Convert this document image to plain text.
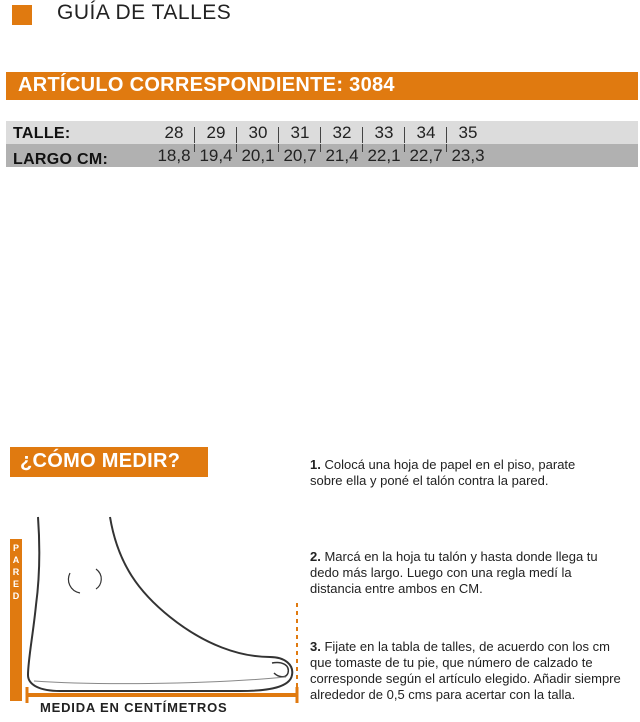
GUÍA DE TALLES
ARTÍCULO CORRESPONDIENTE: 3084
TALLE:	28	29	30	31	32	33	34	35
LARGO CM:	18,8 19,4 20,1 20,7 21,4 22,1 22,7 23,3
¿CÓMO MEDIR?
P
A
R
E
D
MEDIDA EN CENTÍMETROS
1. Colocá una hoja de papel en el piso, parate sobre ella y poné el talón contra la pared.
2. Marcá en la hoja tu talón y hasta donde llega tu dedo más largo. Luego con una regla medí la distancia entre ambos en CM.
3. Fijate en la tabla de talles, de acuerdo con los cm que tomaste de tu pie, que número de calzado te corresponde según el artículo elegido. Añadir siempre alrededor de 0,5 cms para acertar con la talla.
